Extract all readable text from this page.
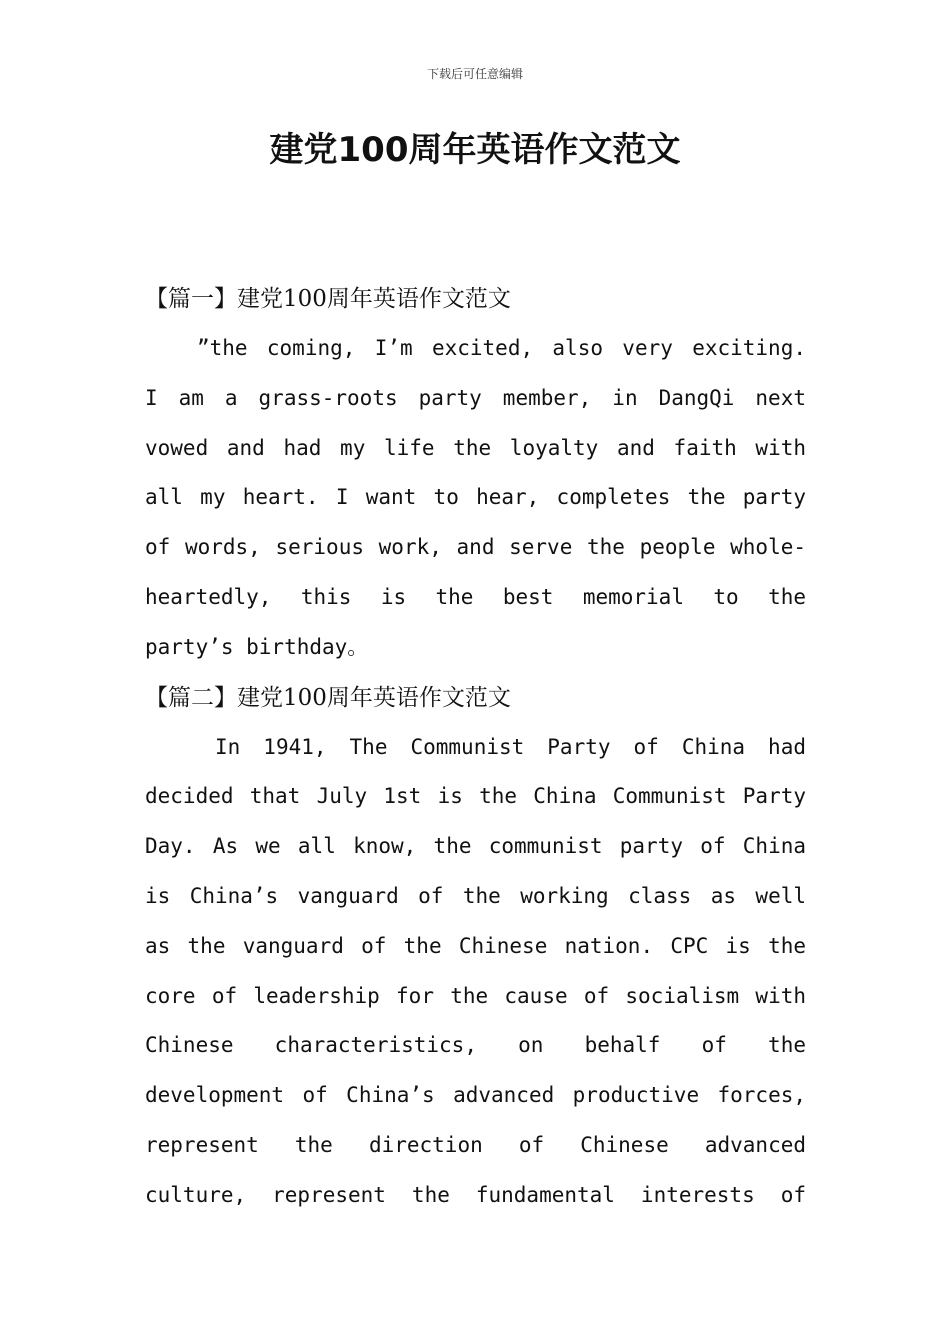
下载后可任意编辑
建党100周年英语作文范文
【篇一】建党100周年英语作文范文
”the coming, I’m excited, also very exciting.
I am a grass-roots party member, in DangQi next
vowed and had my life the loyalty and faith with
all my heart. I want to hear, completes the party
of words, serious work, and serve the people whole-
heartedly, this is the best memorial to the
party’s birthday。
【篇二】建党100周年英语作文范文
In 1941, The Communist Party of China had
decided that July 1st is the China Communist Party
Day. As we all know, the communist party of China
is China’s vanguard of the working class as well
as the vanguard of the Chinese nation. CPC is the
core of leadership for the cause of socialism with
Chinese characteristics, on behalf of the
development of China’s advanced productive forces,
represent the direction of Chinese advanced
culture, represent the fundamental interests of
